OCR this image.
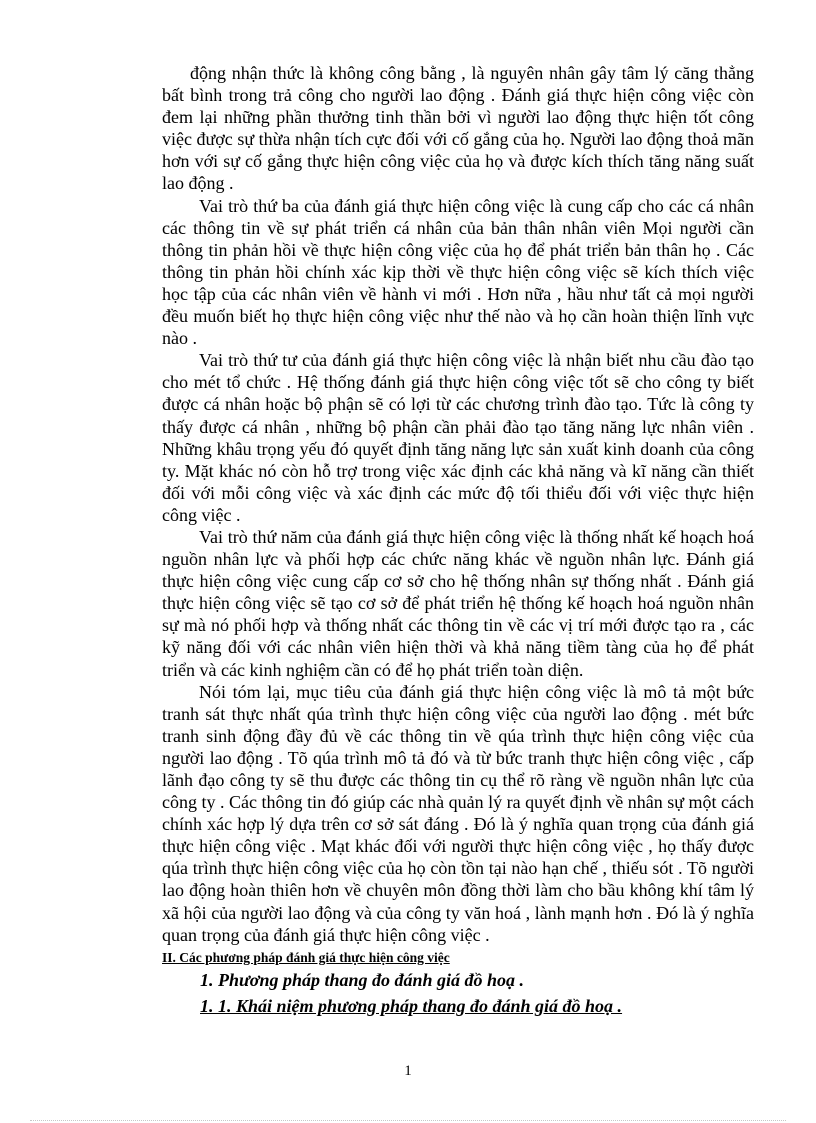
động nhận thức là không công bằng , là nguyên nhân gây tâm lý căng thẳng bất bình trong trả công cho người lao động . Đánh giá thực hiện công việc còn đem lại những phần thưởng tinh thần bởi vì người lao động thực hiện tốt công việc được sự thừa nhận tích cực đối với cố gắng của họ. Người lao động thoả mãn hơn với sự cố gắng thực hiện công việc của họ và được kích thích tăng năng suất lao động .

Vai trò thứ ba của đánh giá thực hiện công việc là cung cấp cho các cá nhân các thông tin về sự phát triển cá nhân của bản thân nhân viên Mọi người cần thông tin phản hồi về thực hiện công việc của họ để phát triển bản thân họ . Các thông tin phản hồi chính xác kịp thời về thực hiện công việc sẽ kích thích việc học tập của các nhân viên về hành vi mới . Hơn nữa , hầu như tất cả mọi người đều muốn biết họ thực hiện công việc như thế nào và họ cần hoàn thiện lĩnh vực nào .

Vai trò thứ tư của đánh giá thực hiện công việc là nhận biết nhu cầu đào tạo cho mét tổ chức . Hệ thống đánh giá thực hiện công việc tốt sẽ cho công ty biết được cá nhân hoặc bộ phận sẽ có lợi từ các chương trình đào tạo. Tức là công ty thấy được cá nhân , những bộ phận cần phải đào tạo tăng năng lực nhân viên . Những khâu trọng yếu đó quyết định tăng năng lực sản xuất kinh doanh của công ty. Mặt khác nó còn hỗ trợ trong việc xác định các khả năng và kĩ năng cần thiết đối với mỗi công việc và xác định các mức độ tối thiểu đối với việc thực hiện công việc .

Vai trò thứ năm của đánh giá thực hiện công việc là thống nhất kế hoạch hoá nguồn nhân lực và phối hợp các chức năng khác về nguồn nhân lực. Đánh giá thực hiện công việc cung cấp cơ sở cho hệ thống nhân sự thống nhất . Đánh giá thực hiện công việc sẽ tạo cơ sở để phát triển hệ thống kế hoạch hoá nguồn nhân sự mà nó phối hợp và thống nhất các thông tin về các vị trí mới được tạo ra , các kỹ năng đối với các nhân viên hiện thời và khả năng tiềm tàng của họ để phát triển và các kinh nghiệm cần có để họ phát triển toàn diện.

Nói tóm lại, mục tiêu của đánh giá thực hiện công việc là mô tả một bức tranh sát thực nhất qúa trình thực hiện công việc của người lao động . mét bức tranh sinh động đầy đủ về các thông tin về qúa trình thực hiện công việc của người lao động . Tõ qúa trình mô tả đó và từ bức tranh thực hiện công việc , cấp lãnh đạo công ty sẽ thu được các thông tin cụ thể rõ ràng về nguồn nhân lực của công ty . Các thông tin đó giúp các nhà quản lý ra quyết định về nhân sự một cách chính xác hợp lý dựa trên cơ sở sát đáng . Đó là ý nghĩa quan trọng của đánh giá thực hiện công việc . Mạt khác đối với người thực hiện công việc , họ thấy được qúa trình thực hiện công việc của họ còn tồn tại nào hạn chế , thiếu sót . Tõ người lao động hoàn thiên hơn về chuyên môn đồng thời làm cho bầu không khí tâm lý xã hội của người lao động và của công ty văn hoá , lành mạnh hơn . Đó là ý nghĩa quan trọng của đánh giá thực hiện công việc .

II. Các phương pháp đánh giá thực hiện công việc
1. Phương pháp thang đo đánh giá đồ hoạ .
1. 1. Khái niệm phương pháp thang đo đánh giá đồ hoạ .
1
